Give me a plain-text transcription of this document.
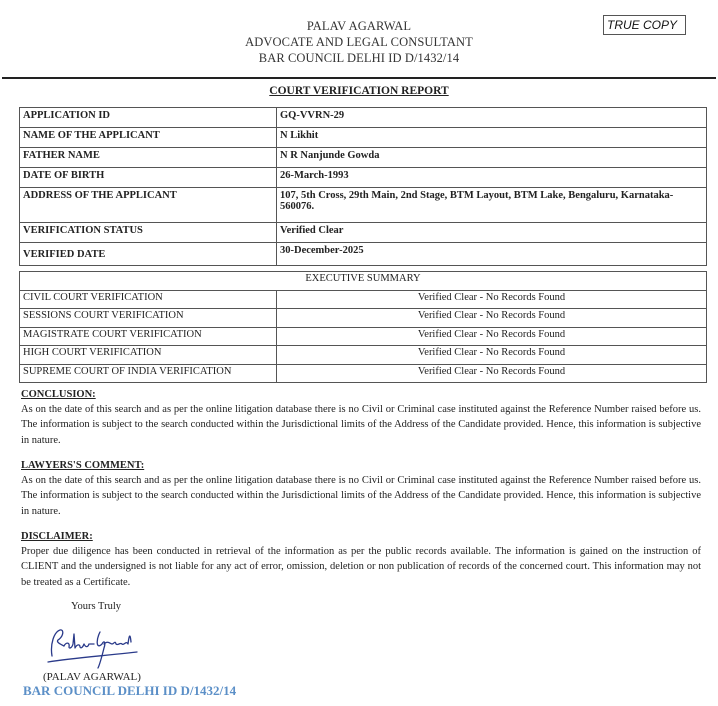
PALAV AGARWAL
ADVOCATE AND LEGAL CONSULTANT
BAR COUNCIL DELHI ID D/1432/14
TRUE COPY
COURT VERIFICATION REPORT
APPLICATION ID	GQ-VVRN-29
NAME OF THE APPLICANT	N Likhit
FATHER NAME	N R Nanjunde Gowda
DATE OF BIRTH	26-March-1993
ADDRESS OF THE APPLICANT	107, 5th Cross, 29th Main, 2nd Stage, BTM Layout, BTM Lake, Bengaluru, Karnataka-560076.
VERIFICATION STATUS	Verified Clear
VERIFIED DATE	30-December-2025
EXECUTIVE SUMMARY	
CIVIL COURT VERIFICATION	Verified Clear - No Records Found
SESSIONS COURT VERIFICATION	Verified Clear - No Records Found
MAGISTRATE COURT VERIFICATION	Verified Clear - No Records Found
HIGH COURT VERIFICATION	Verified Clear - No Records Found
SUPREME COURT OF INDIA VERIFICATION	Verified Clear - No Records Found
CONCLUSION:
As on the date of this search and as per the online litigation database there is no Civil or Criminal case instituted against the Reference Number raised before us. The information is subject to the search conducted within the Jurisdictional limits of the Address of the Candidate provided. Hence, this information is subjective in nature.
LAWYERS'S COMMENT:
As on the date of this search and as per the online litigation database there is no Civil or Criminal case instituted against the Reference Number raised before us. The information is subject to the search conducted within the Jurisdictional limits of the Address of the Candidate provided. Hence, this information is subjective in nature.
DISCLAIMER:
Proper due diligence has been conducted in retrieval of the information as per the public records available. The information is gained on the instruction of CLIENT and the undersigned is not liable for any act of error, omission, deletion or non publication of records of the concerned court. This information may not be treated as a Certificate.
Yours Truly
(PALAV AGARWAL)
BAR COUNCIL DELHI ID D/1432/14
